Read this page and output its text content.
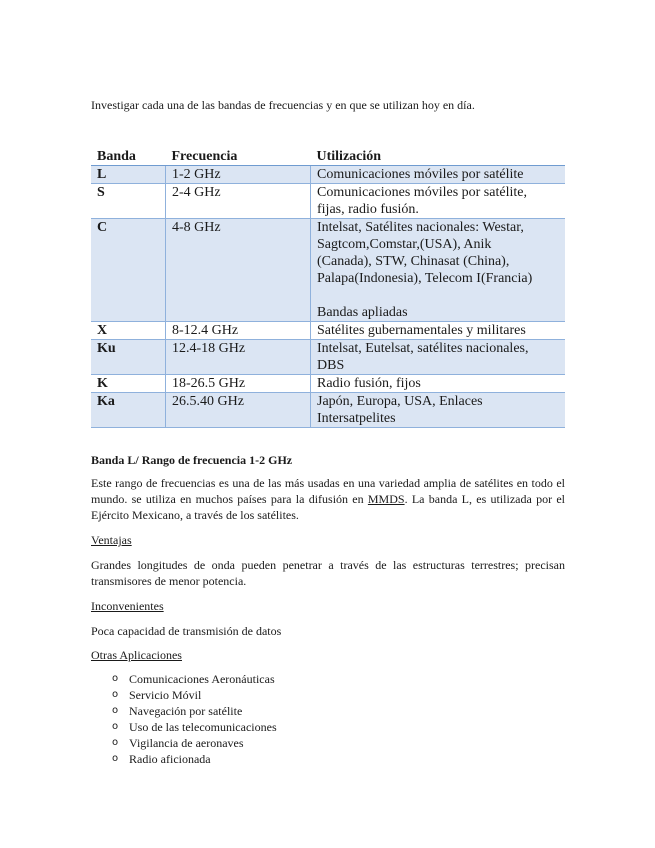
Investigar cada una de las bandas de frecuencias y en que se utilizan hoy en día.

Banda	Frecuencia	Utilización
L	1-2 GHz	Comunicaciones móviles por satélite

S	2-4 GHz	Comunicaciones móviles por satélite,
fijas, radio fusión.

C	4-8 GHz	Intelsat, Satélites nacionales: Westar,
Sagtcom,Comstar,(USA), Anik
(Canada), STW, Chinasat (China),
Palapa(Indonesia), Telecom I(Francia)
Bandas apliadas

X	8-12.4 GHz	Satélites gubernamentales y militares

Ku	12.4-18 GHz	Intelsat, Eutelsat, satélites nacionales,
DBS

K	18-26.5 GHz	Radio fusión, fijos

Ka	26.5.40 GHz	Japón, Europa, USA, Enlaces
Intersatpelites
Banda L/ Rango de frecuencia 1-2 GHz
Este rango de frecuencias es una de las más usadas en una variedad amplia de satélites en todo el mundo. se utiliza en muchos países para la difusión en MMDS. La banda L, es utilizada por el Ejército Mexicano, a través de los satélites.
Ventajas
Grandes longitudes de onda pueden penetrar a través de las estructuras terrestres; precisan transmisores de menor potencia.
Inconvenientes
Poca capacidad de transmisión de datos
Otras Aplicaciones
o Comunicaciones Aeronáuticas
o Servicio Móvil
o Navegación por satélite
o Uso de las telecomunicaciones
o Vigilancia de aeronaves
o Radio aficionada
